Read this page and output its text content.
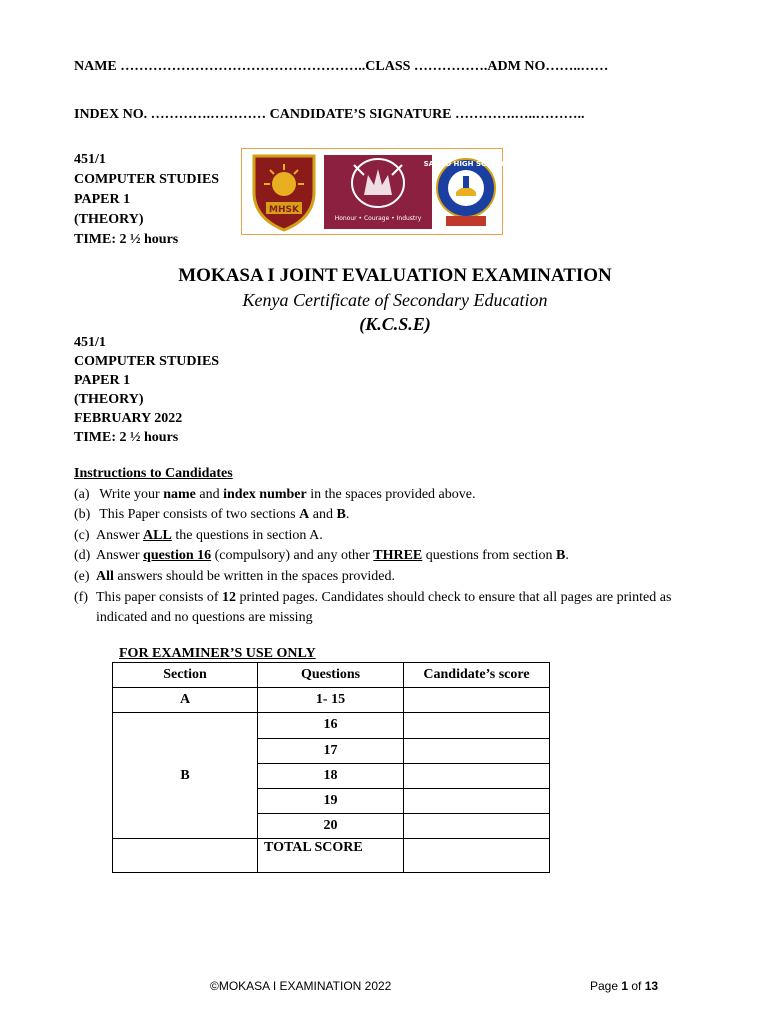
NAME ……………………………………………..CLASS …………….ADM NO……..……
INDEX NO. ………….………… CANDIDATE’S SIGNATURE ………….…..………..
451/1
COMPUTER STUDIES
PAPER 1
(THEORY)
TIME: 2 ½ hours
MHSK
Honour • Courage • Industry
SACHO HIGH SCHOOL
MOKASA I JOINT EVALUATION EXAMINATION
Kenya Certificate of Secondary Education
(K.C.S.E)
451/1
COMPUTER STUDIES
PAPER 1
(THEORY)
FEBRUARY 2022
TIME: 2 ½ hours
Instructions to Candidates
(a) Write your name and index number in the spaces provided above.
(b) This Paper consists of two sections A and B.
(c) Answer ALL the questions in section A.
(d) Answer question 16 (compulsory) and any other THREE questions from section B.
(e) All answers should be written in the spaces provided.
(f) This paper consists of 12 printed pages. Candidates should check to ensure that all pages are printed as
indicated and no questions are missing
FOR EXAMINER’S USE ONLY
Section	Questions	Candidate’s score
A	1- 15	
B	16	
	17	
	18	
	19	
	20	
	TOTAL SCORE	
©MOKASA I EXAMINATION 2022	Page 1 of 13
